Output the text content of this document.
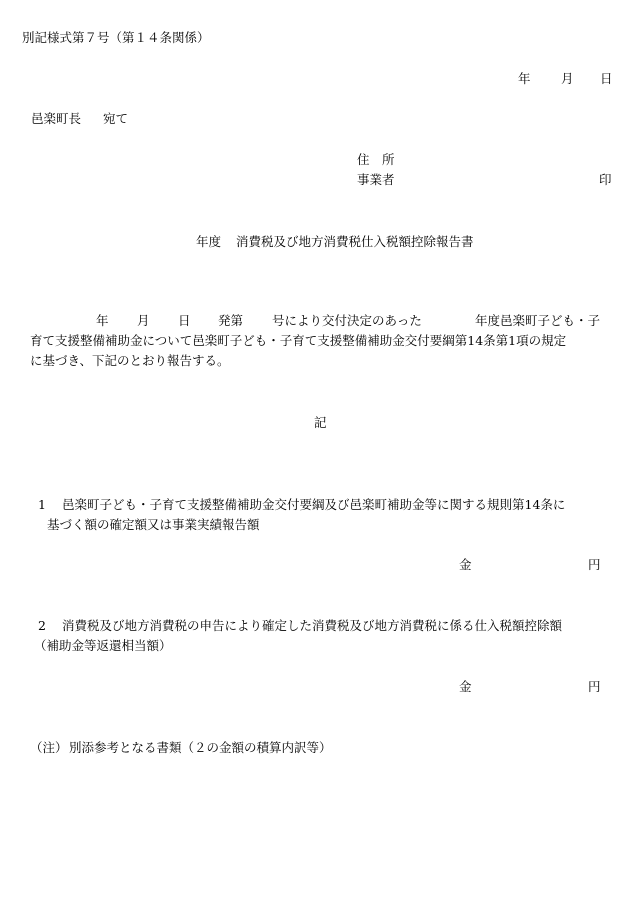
別記様式第７号（第１４条関係）
年 月 日
邑楽町長 宛て
住　所
事業者	印
年度 消費税及び地方消費税仕入税額控除報告書
年 月 日 発第 号により交付決定のあった	年度邑楽町子ども・子
育て支援整備補助金について邑楽町子ども・子育て支援整備補助金交付要綱第14条第1項の規定
に基づき、下記のとおり報告する。
記
1 邑楽町子ども・子育て支援整備補助金交付要綱及び邑楽町補助金等に関する規則第14条に
基づく額の確定額又は事業実績報告額
金	円
2 消費税及び地方消費税の申告により確定した消費税及び地方消費税に係る仕入税額控除額
（補助金等返還相当額）
金	円
（注） 別添参考となる書類（２の金額の積算内訳等）
